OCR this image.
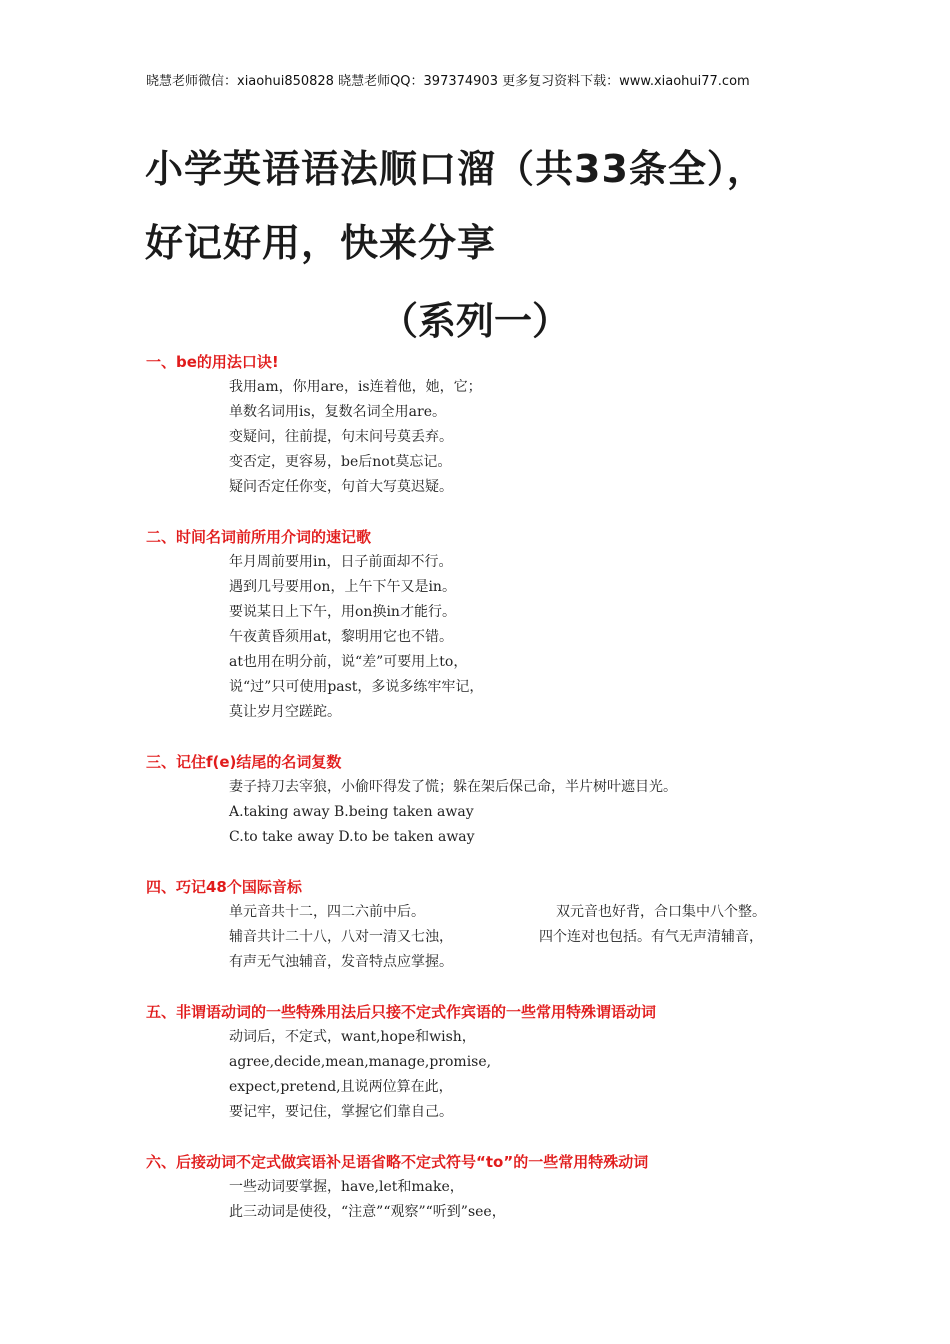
晓慧老师微信：xiaohui850828 晓慧老师QQ：397374903 更多复习资料下载：www.xiaohui77.com
小学英语语法顺口溜（共33条全），
好记好用，快来分享
（系列一）
一、be的用法口诀!
我用am，你用are，is连着他，她，它；
单数名词用is，复数名词全用are。
变疑问，往前提，句末问号莫丢弃。
变否定，更容易，be后not莫忘记。
疑问否定任你变，句首大写莫迟疑。
二、时间名词前所用介词的速记歌
年月周前要用in，日子前面却不行。
遇到几号要用on，上午下午又是in。
要说某日上下午，用on换in才能行。
午夜黄昏须用at，黎明用它也不错。
at也用在明分前，说“差”可要用上to，
说“过”只可使用past，多说多练牢牢记，
莫让岁月空蹉跎。
三、记住f(e)结尾的名词复数
妻子持刀去宰狼，小偷吓得发了慌；躲在架后保己命，半片树叶遮目光。
A.taking away B.being taken away
C.to take away D.to be taken away
四、巧记48个国际音标
单元音共十二，四二六前中后。	双元音也好背，合口集中八个整。
辅音共计二十八，八对一清又七浊，	四个连对也包括。有气无声清辅音，
有声无气浊辅音，发音特点应掌握。
五、非谓语动词的一些特殊用法后只接不定式作宾语的一些常用特殊谓语动词
动词后，不定式，want,hope和wish，
agree,decide,mean,manage,promise,
expect,pretend,且说两位算在此，
要记牢，要记住，掌握它们靠自己。
六、后接动词不定式做宾语补足语省略不定式符号“to”的一些常用特殊动词
一些动词要掌握，have,let和make，
此三动词是使役，“注意”“观察”“听到”see，
